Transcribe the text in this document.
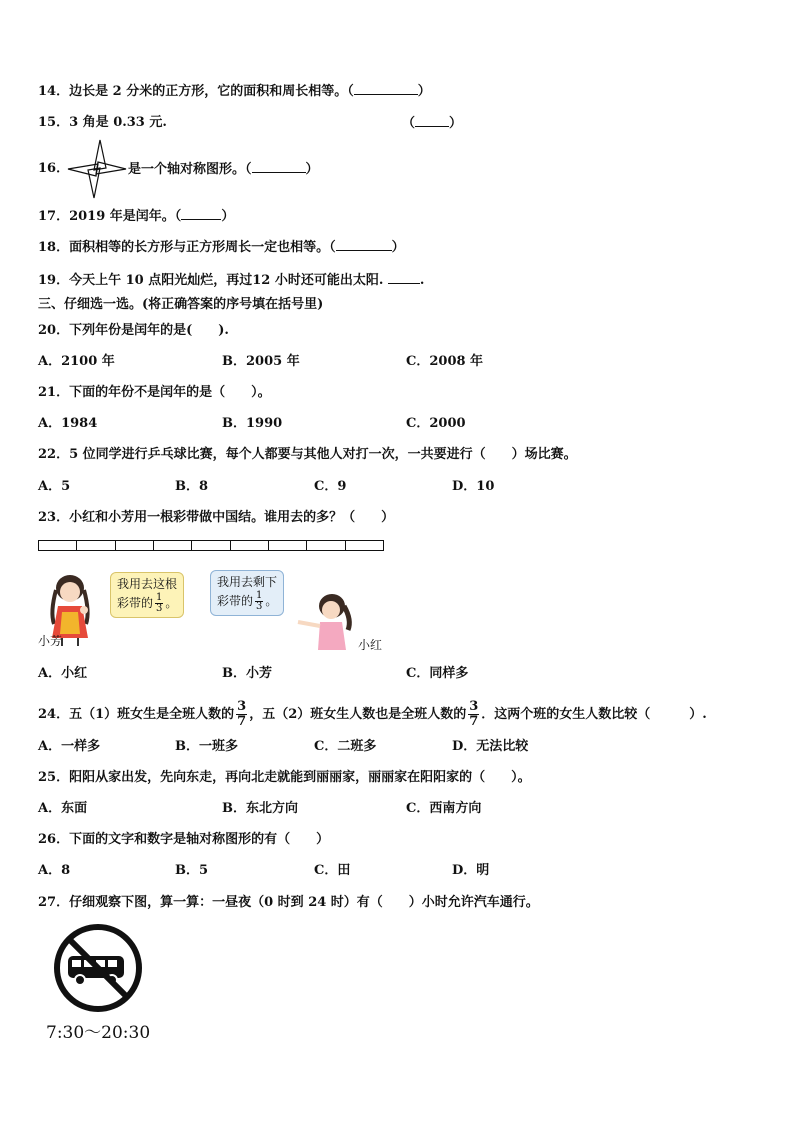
14．边长是 2 分米的正方形，它的面积和周长相等。（	）
15．3 角是 0.33 元.	（	）
16．	是一个轴对称图形。（	）
17．2019 年是闰年。（	）
18．面积相等的长方形与正方形周长一定也相等。（	）
19．今天上午 10 点阳光灿烂，再过12 小时还可能出太阳.	.
三、仔细选一选。(将正确答案的序号填在括号里)
20．下列年份是闰年的是(　　).
A．2100 年	B．2005 年	C．2008 年
21．下面的年份不是闰年的是（　　）。
A．1984	B．1990	C．2000
22．5 位同学进行乒乓球比赛，每个人都要与其他人对打一次，一共要进行（　　）场比赛。
A．5	B．8	C．9	D．10
23．小红和小芳用一根彩带做中国结。谁用去的多？（　　）
我用去这根
彩带的 $\frac{1}{3}$ 。
小芳
我用去剩下
彩带的 $\frac{1}{3}$ 。
小红
A．小红	B．小芳	C．同样多
24．五（1）班女生是全班人数的 $\frac{3}{7}$ ，五（2）班女生人数也是全班人数的 $\frac{3}{7}$ ．这两个班的女生人数比较（　　　）.
A．一样多	B．一班多	C．二班多	D．无法比较
25．阳阳从家出发，先向东走，再向北走就能到丽丽家，丽丽家在阳阳家的（　　）。
A．东面	B．东北方向	C．西南方向
26．下面的文字和数字是轴对称图形的有（　　）
A．8	B．5	C．田	D．明
27．仔细观察下图，算一算：一昼夜（0 时到 24 时）有（　　）小时允许汽车通行。
7:30～20:30
